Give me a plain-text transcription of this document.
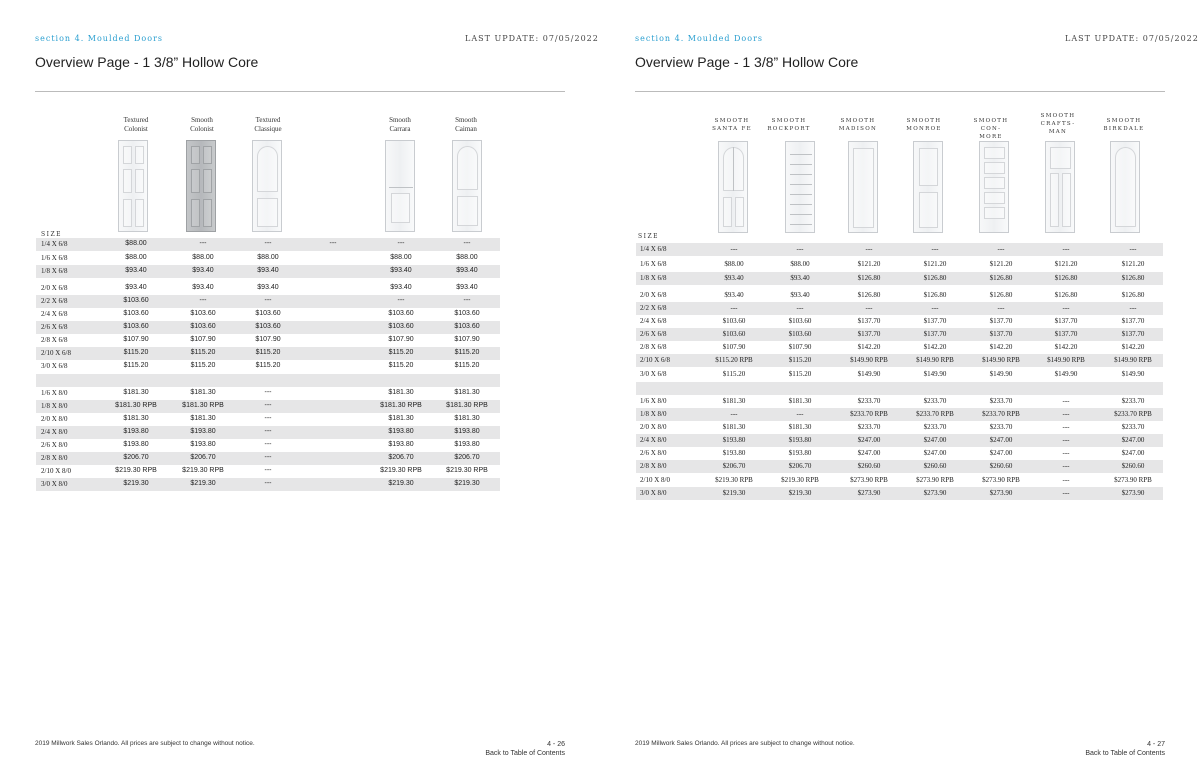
section 4. Moulded Doors	LAST UPDATE: 07/05/2022
Overview Page - 1 3/8” Hollow Core
2019 Millwork Sales Orlando. All prices are subject to change without notice.	4 - 26
Back to Table of Contents
Textured
Colonist
Smooth
Colonist
Textured
Classique
Smooth
Carrara
Smooth
Caiman
SIZE
1/4 X 6/8	$88.00	---	---	---	---	---
1/6 X 6/8	$88.00	$88.00	$88.00	$88.00	$88.00
1/8 X 6/8	$93.40	$93.40	$93.40	$93.40	$93.40
2/0 X 6/8	$93.40	$93.40	$93.40	$93.40	$93.40
2/2 X 6/8	$103.60	---	---	---	---
2/4 X 6/8	$103.60	$103.60	$103.60	$103.60	$103.60
2/6 X 6/8	$103.60	$103.60	$103.60	$103.60	$103.60
2/8 X 6/8	$107.90	$107.90	$107.90	$107.90	$107.90
2/10 X 6/8	$115.20	$115.20	$115.20	$115.20	$115.20
3/0 X 6/8	$115.20	$115.20	$115.20	$115.20	$115.20
1/6 X 8/0	$181.30	$181.30	---	$181.30	$181.30
1/8 X 8/0	$181.30 RPB	$181.30 RPB	---	$181.30 RPB	$181.30 RPB
2/0 X 8/0	$181.30	$181.30	---	$181.30	$181.30
2/4 X 8/0	$193.80	$193.80	---	$193.80	$193.80
2/6 X 8/0	$193.80	$193.80	---	$193.80	$193.80
2/8 X 8/0	$206.70	$206.70	---	$206.70	$206.70
2/10 X 8/0	$219.30 RPB	$219.30 RPB	---	$219.30 RPB	$219.30 RPB
3/0 X 8/0	$219.30	$219.30	---	$219.30	$219.30
section 4. Moulded Doors	LAST UPDATE: 07/05/2022
Overview Page - 1 3/8” Hollow Core
2019 Millwork Sales Orlando. All prices are subject to change without notice.	4 - 27
Back to Table of Contents
SMOOTH
SANTA FE
SMOOTH
ROCKPORT
SMOOTH
MADISON
SMOOTH
MONROE
SMOOTH
CON-
MORE
SMOOTH
CRAFTS-
MAN
SMOOTH
BIRKDALE
SIZE
1/4 X 6/8	---	---	---	---	---	---	---
1/6 X 6/8	$88.00	$88.00	$121.20	$121.20	$121.20	$121.20	$121.20
1/8 X 6/8	$93.40	$93.40	$126.80	$126.80	$126.80	$126.80	$126.80
2/0 X 6/8	$93.40	$93.40	$126.80	$126.80	$126.80	$126.80	$126.80
2/2 X 6/8	---	---	---	---	---	---	---
2/4 X 6/8	$103.60	$103.60	$137.70	$137.70	$137.70	$137.70	$137.70
2/6 X 6/8	$103.60	$103.60	$137.70	$137.70	$137.70	$137.70	$137.70
2/8 X 6/8	$107.90	$107.90	$142.20	$142.20	$142.20	$142.20	$142.20
2/10 X 6/8	$115.20 RPB	$115.20	$149.90 RPB	$149.90 RPB	$149.90 RPB	$149.90 RPB	$149.90 RPB
3/0 X 6/8	$115.20	$115.20	$149.90	$149.90	$149.90	$149.90	$149.90
1/6 X 8/0	$181.30	$181.30	$233.70	$233.70	$233.70	---	$233.70
1/8 X 8/0	---	---	$233.70 RPB	$233.70 RPB	$233.70 RPB	---	$233.70 RPB
2/0 X 8/0	$181.30	$181.30	$233.70	$233.70	$233.70	---	$233.70
2/4 X 8/0	$193.80	$193.80	$247.00	$247.00	$247.00	---	$247.00
2/6 X 8/0	$193.80	$193.80	$247.00	$247.00	$247.00	---	$247.00
2/8 X 8/0	$206.70	$206.70	$260.60	$260.60	$260.60	---	$260.60
2/10 X 8/0	$219.30 RPB	$219.30 RPB	$273.90 RPB	$273.90 RPB	$273.90 RPB	---	$273.90 RPB
3/0 X 8/0	$219.30	$219.30	$273.90	$273.90	$273.90	---	$273.90
